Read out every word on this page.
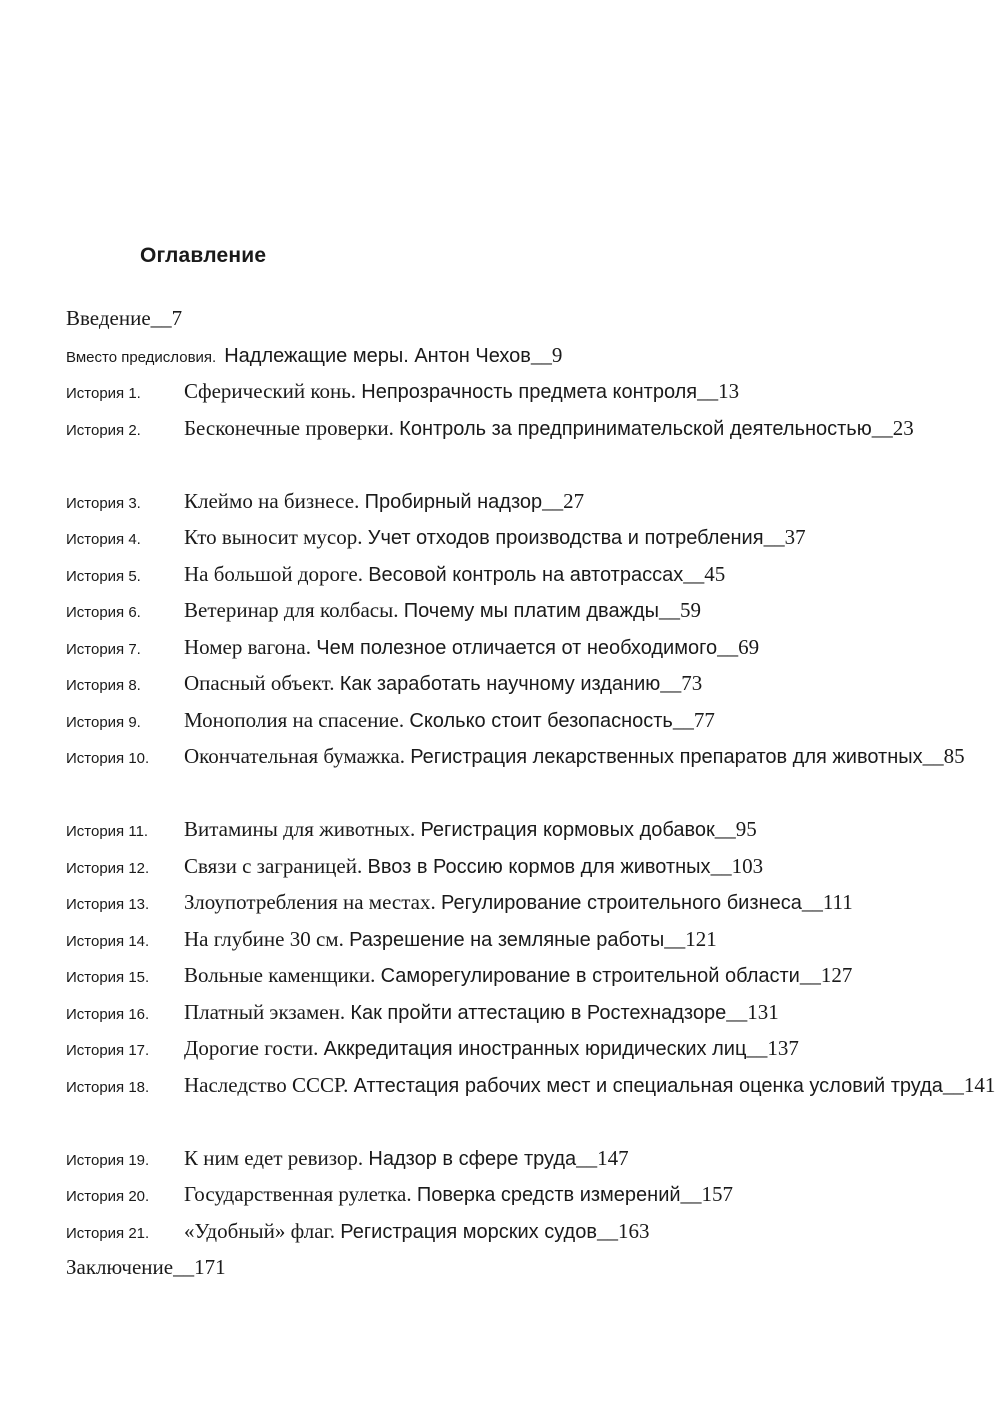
Оглавление
Введение__7
Вместо предисловия. Надлежащие меры. Антон Чехов__9
История 1.	Сферический конь. Непрозрачность предмета контроля__13
История 2.	Бесконечные проверки. Контроль за предпринимательской деятельностью__23
История 3.	Клеймо на бизнесе. Пробирный надзор__27
История 4.	Кто выносит мусор. Учет отходов производства и потребления__37
История 5.	На большой дороге. Весовой контроль на автотрассах__45
История 6.	Ветеринар для колбасы. Почему мы платим дважды__59
История 7.	Номер вагона. Чем полезное отличается от необходимого__69
История 8.	Опасный объект. Как заработать научному изданию__73
История 9.	Монополия на спасение. Сколько стоит безопасность__77
История 10.	Окончательная бумажка. Регистрация лекарственных препаратов для животных__85
История 11.	Витамины для животных. Регистрация кормовых добавок__95
История 12.	Связи с заграницей. Ввоз в Россию кормов для животных__103
История 13.	Злоупотребления на местах. Регулирование строительного бизнеса__111
История 14.	На глубине 30 см. Разрешение на земляные работы__121
История 15.	Вольные каменщики. Саморегулирование в строительной области__127
История 16.	Платный экзамен. Как пройти аттестацию в Ростехнадзоре__131
История 17.	Дорогие гости. Аккредитация иностранных юридических лиц__137
История 18.	Наследство СССР. Аттестация рабочих мест и специальная оценка условий труда__141
История 19.	К ним едет ревизор. Надзор в сфере труда__147
История 20.	Государственная рулетка. Поверка средств измерений__157
История 21.	«Удобный» флаг. Регистрация морских судов__163
Заключение__171
